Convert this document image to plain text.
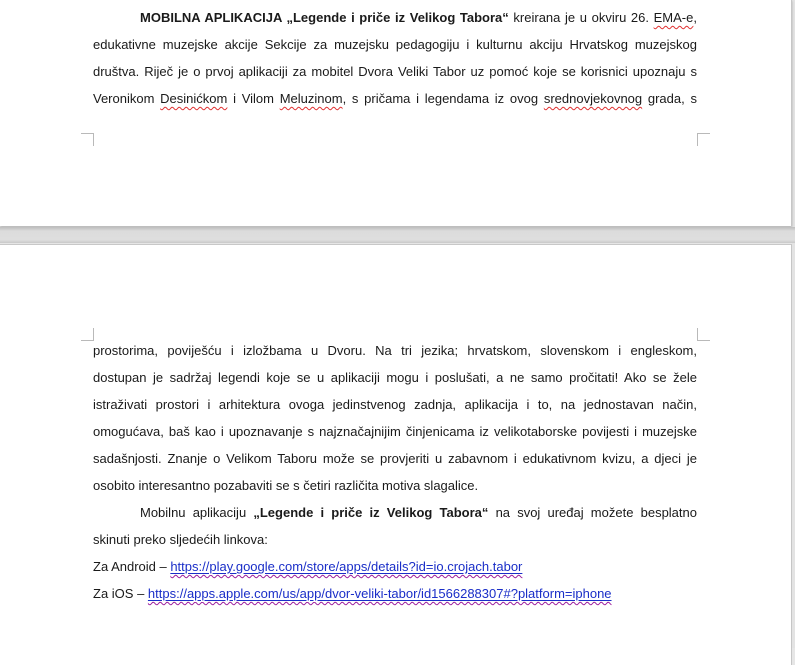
MOBILNA APLIKACIJA „Legende i priče iz Velikog Tabora“ kreirana je u okviru 26. EMA-e,
edukativne muzejske akcije Sekcije za muzejsku pedagogiju i kulturnu akciju Hrvatskog muzejskog
društva. Riječ je o prvoj aplikaciji za mobitel Dvora Veliki Tabor uz pomoć koje se korisnici upoznaju s
Veronikom Desinićkom i Vilom Meluzinom, s pričama i legendama iz ovog srednovjekovnog grada, s
prostorima, poviješću i izložbama u Dvoru. Na tri jezika; hrvatskom, slovenskom i engleskom,
dostupan je sadržaj legendi koje se u aplikaciji mogu i poslušati, a ne samo pročitati! Ako se žele
istraživati prostori i arhitektura ovoga jedinstvenog zadnja, aplikacija i to, na jednostavan način,
omogućava, baš kao i upoznavanje s najznačajnijim činjenicama iz velikotaborske povijesti i muzejske
sadašnjosti. Znanje o Velikom Taboru može se provjeriti u zabavnom i edukativnom kvizu, a djeci je
osobito interesantno pozabaviti se s četiri različita motiva slagalice.
Mobilnu aplikaciju „Legende i priče iz Velikog Tabora“ na svoj uređaj možete besplatno
skinuti preko sljedećih linkova:
Za Android – https://play.google.com/store/apps/details?id=io.crojach.tabor
Za iOS – https://apps.apple.com/us/app/dvor-veliki-tabor/id1566288307#?platform=iphone
